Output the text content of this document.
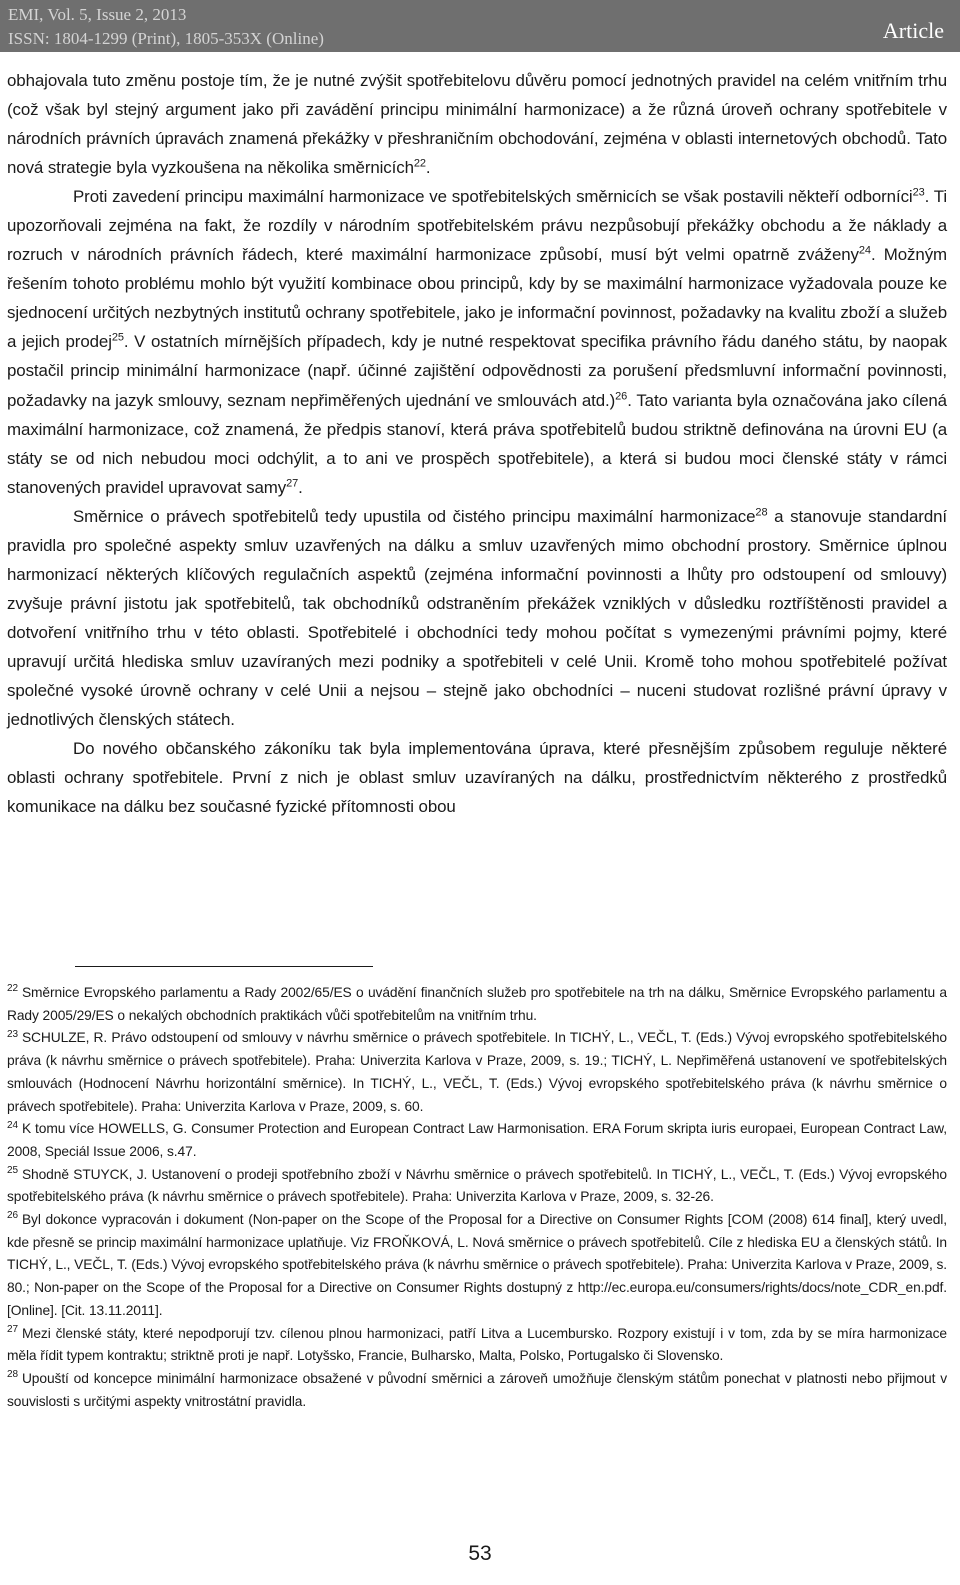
EMI, Vol. 5, Issue 2, 2013
ISSN: 1804-1299 (Print), 1805-353X (Online)	Article

obhajovala tuto změnu postoje tím, že je nutné zvýšit spotřebitelovu důvěru pomocí jednotných pravidel na celém vnitřním trhu (což však byl stejný argument jako při zavádění principu minimální harmonizace) a že různá úroveň ochrany spotřebitele v národních právních úpravách znamená překážky v přeshraničním obchodování, zejména v oblasti internetových obchodů. Tato nová strategie byla vyzkoušena na několika směrnicích$^{22}$.

Proti zavedení principu maximální harmonizace ve spotřebitelských směrnicích se však postavili někteří odborníci$^{23}$. Ti upozorňovali zejména na fakt, že rozdíly v národním spotřebitelském právu nezpůsobují překážky obchodu a že náklady a rozruch v národních právních řádech, které maximální harmonizace způsobí, musí být velmi opatrně zváženy$^{24}$. Možným řešením tohoto problému mohlo být využití kombinace obou principů, kdy by se maximální harmonizace vyžadovala pouze ke sjednocení určitých nezbytných institutů ochrany spotřebitele, jako je informační povinnost, požadavky na kvalitu zboží a služeb a jejich prodej$^{25}$. V ostatních mírnějších případech, kdy je nutné respektovat specifika právního řádu daného státu, by naopak postačil princip minimální harmonizace (např. účinné zajištění odpovědnosti za porušení předsmluvní informační povinnosti, požadavky na jazyk smlouvy, seznam nepřiměřených ujednání ve smlouvách atd.)$^{26}$. Tato varianta byla označována jako cílená maximální harmonizace, což znamená, že předpis stanoví, která práva spotřebitelů budou striktně definována na úrovni EU (a státy se od nich nebudou moci odchýlit, a to ani ve prospěch spotřebitele), a která si budou moci členské státy v rámci stanovených pravidel upravovat samy$^{27}$.

Směrnice o právech spotřebitelů tedy upustila od čistého principu maximální harmonizace$^{28}$ a stanovuje standardní pravidla pro společné aspekty smluv uzavřených na dálku a smluv uzavřených mimo obchodní prostory. Směrnice úplnou harmonizací některých klíčových regulačních aspektů (zejména informační povinnosti a lhůty pro odstoupení od smlouvy) zvyšuje právní jistotu jak spotřebitelů, tak obchodníků odstraněním překážek vzniklých v důsledku roztříštěnosti pravidel a dotvoření vnitřního trhu v této oblasti. Spotřebitelé i obchodníci tedy mohou počítat s vymezenými právními pojmy, které upravují určitá hlediska smluv uzavíraných mezi podniky a spotřebiteli v celé Unii. Kromě toho mohou spotřebitelé požívat společné vysoké úrovně ochrany v celé Unii a nejsou – stejně jako obchodníci – nuceni studovat rozlišné právní úpravy v jednotlivých členských státech.

Do nového občanského zákoníku tak byla implementována úprava, které přesnějším způsobem reguluje některé oblasti ochrany spotřebitele. První z nich je oblast smluv uzavíraných na dálku, prostřednictvím některého z prostředků komunikace na dálku bez současné fyzické přítomnosti obou

$^{22}$ Směrnice Evropského parlamentu a Rady 2002/65/ES o uvádění finančních služeb pro spotřebitele na trh na dálku, Směrnice Evropského parlamentu a Rady 2005/29/ES o nekalých obchodních praktikách vůči spotřebitelům na vnitřním trhu.

$^{23}$ SCHULZE, R. Právo odstoupení od smlouvy v návrhu směrnice o právech spotřebitele. In TICHÝ, L., VEČL, T. (Eds.) Vývoj evropského spotřebitelského práva (k návrhu směrnice o právech spotřebitele). Praha: Univerzita Karlova v Praze, 2009, s. 19.; TICHÝ, L. Nepřiměřená ustanovení ve spotřebitelských smlouvách (Hodnocení Návrhu horizontální směrnice). In TICHÝ, L., VEČL, T. (Eds.) Vývoj evropského spotřebitelského práva (k návrhu směrnice o právech spotřebitele). Praha: Univerzita Karlova v Praze, 2009, s. 60.

$^{24}$ K tomu více HOWELLS, G. Consumer Protection and European Contract Law Harmonisation. ERA Forum skripta iuris europaei, European Contract Law, 2008, Speciál Issue 2006, s.47.

$^{25}$ Shodně STUYCK, J. Ustanovení o prodeji spotřebního zboží v Návrhu směrnice o právech spotřebitelů. In TICHÝ, L., VEČL, T. (Eds.) Vývoj evropského spotřebitelského práva (k návrhu směrnice o právech spotřebitele). Praha: Univerzita Karlova v Praze, 2009, s. 32-26.

$^{26}$ Byl dokonce vypracován i dokument (Non-paper on the Scope of the Proposal for a Directive on Consumer Rights [COM (2008) 614 final], který uvedl, kde přesně se princip maximální harmonizace uplatňuje. Viz FROŇKOVÁ, L. Nová směrnice o právech spotřebitelů. Cíle z hlediska EU a členských států. In TICHÝ, L., VEČL, T. (Eds.) Vývoj evropského spotřebitelského práva (k návrhu směrnice o právech spotřebitele). Praha: Univerzita Karlova v Praze, 2009, s. 80.; Non-paper on the Scope of the Proposal for a Directive on Consumer Rights dostupný z http://ec.europa.eu/consumers/rights/docs/note_CDR_en.pdf. [Online]. [Cit. 13.11.2011].

$^{27}$ Mezi členské státy, které nepodporují tzv. cílenou plnou harmonizaci, patří Litva a Lucembursko. Rozpory existují i v tom, zda by se míra harmonizace měla řídit typem kontraktu; striktně proti je např. Lotyšsko, Francie, Bulharsko, Malta, Polsko, Portugalsko či Slovensko.

$^{28}$ Upouští od koncepce minimální harmonizace obsažené v původní směrnici a zároveň umožňuje členským státům ponechat v platnosti nebo přijmout v souvislosti s určitými aspekty vnitrostátní pravidla.

53
